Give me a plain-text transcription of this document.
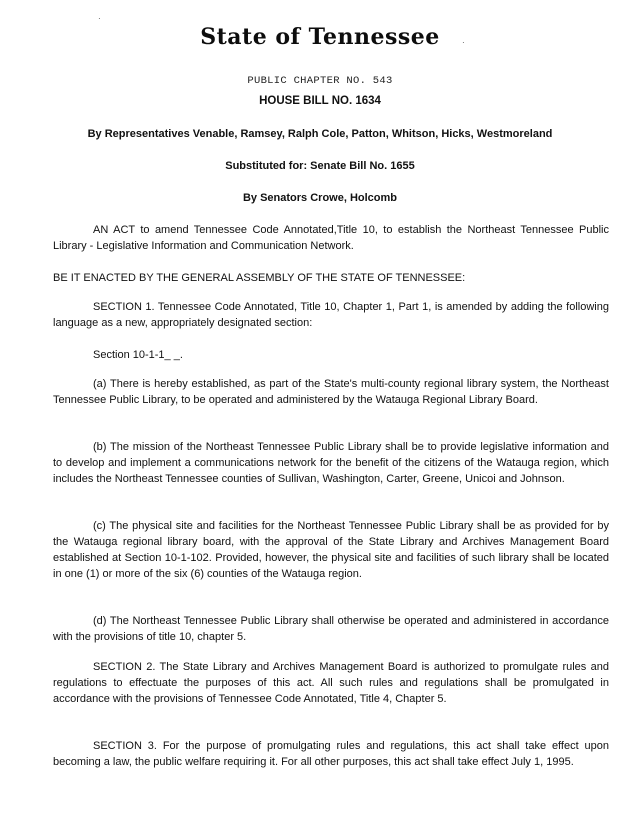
·
·
State of Tennessee
PUBLIC CHAPTER NO. 543
HOUSE BILL NO. 1634
By Representatives Venable, Ramsey, Ralph Cole, Patton, Whitson, Hicks, Westmoreland
Substituted for: Senate Bill No. 1655
By Senators Crowe, Holcomb
AN ACT to amend Tennessee Code Annotated,Title 10, to establish the Northeast Tennessee Public Library - Legislative Information and Communication Network.
BE IT ENACTED BY THE GENERAL ASSEMBLY OF THE STATE OF TENNESSEE:
SECTION 1. Tennessee Code Annotated, Title 10, Chapter 1, Part 1, is amended by adding the following language as a new, appropriately designated section:
Section 10-1-1_ _.
(a) There is hereby established, as part of the State's multi-county regional library system, the Northeast Tennessee Public Library, to be operated and administered by the Watauga Regional Library Board.
(b) The mission of the Northeast Tennessee Public Library shall be to provide legislative information and to develop and implement a communications network for the benefit of the citizens of the Watauga region, which includes the Northeast Tennessee counties of Sullivan, Washington, Carter, Greene, Unicoi and Johnson.
(c) The physical site and facilities for the Northeast Tennessee Public Library shall be as provided for by the Watauga regional library board, with the approval of the State Library and Archives Management Board established at Section 10-1-102. Provided, however, the physical site and facilities of such library shall be located in one (1) or more of the six (6) counties of the Watauga region.
(d) The Northeast Tennessee Public Library shall otherwise be operated and administered in accordance with the provisions of title 10, chapter 5.
SECTION 2. The State Library and Archives Management Board is authorized to promulgate rules and regulations to effectuate the purposes of this act. All such rules and regulations shall be promulgated in accordance with the provisions of Tennessee Code Annotated, Title 4, Chapter 5.
SECTION 3. For the purpose of promulgating rules and regulations, this act shall take effect upon becoming a law, the public welfare requiring it. For all other purposes, this act shall take effect July 1, 1995.
